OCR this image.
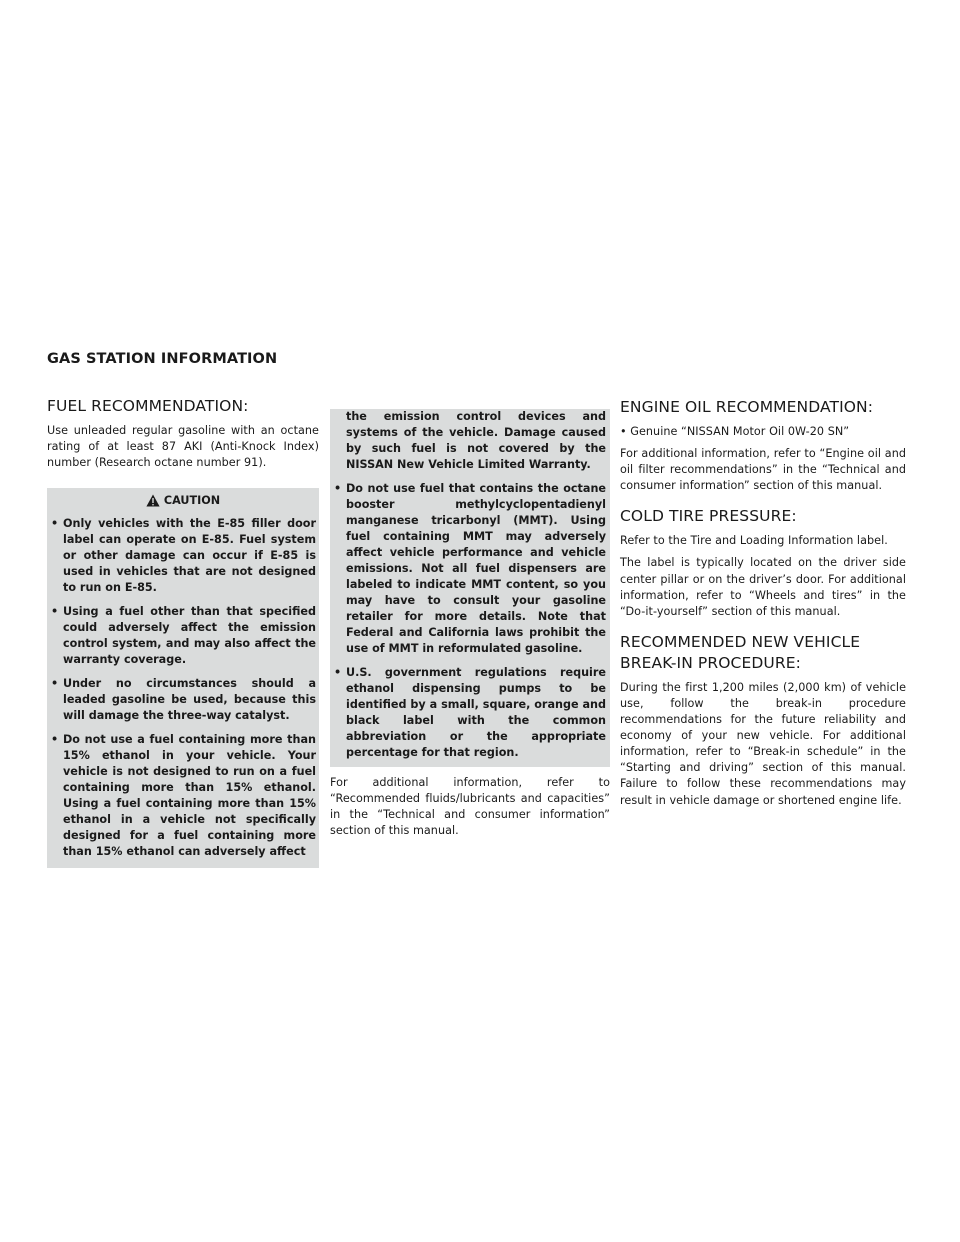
GAS STATION INFORMATION
FUEL RECOMMENDATION:

Use unleaded regular gasoline with an octane rating of at least 87 AKI (Anti-Knock Index) number (Research octane number 91).

CAUTION
• Only vehicles with the E-85 filler door label can operate on E-85. Fuel system or other damage can occur if E-85 is used in vehicles that are not designed to run on E-85.
• Using a fuel other than that specified could adversely affect the emission control system, and may also affect the warranty coverage.
• Under no circumstances should a leaded gasoline be used, because this will damage the three-way catalyst.
• Do not use a fuel containing more than 15% ethanol in your vehicle. Your vehicle is not designed to run on a fuel containing more than 15% ethanol. Using a fuel containing more than 15% ethanol in a vehicle not specifically designed for a fuel containing more than 15% ethanol can adversely affect
the emission control devices and systems of the vehicle. Damage caused by such fuel is not covered by the NISSAN New Vehicle Limited Warranty.
• Do not use fuel that contains the octane booster methylcyclopentadienyl manganese tricarbonyl (MMT). Using fuel containing MMT may adversely affect vehicle performance and vehicle emissions. Not all fuel dispensers are labeled to indicate MMT content, so you may have to consult your gasoline retailer for more details. Note that Federal and California laws prohibit the use of MMT in reformulated gasoline.
• U.S. government regulations require ethanol dispensing pumps to be identified by a small, square, orange and black label with the common abbreviation or the appropriate percentage for that region.

For additional information, refer to “Recommended fluids/lubricants and capacities” in the “Technical and consumer information” section of this manual.

ENGINE OIL RECOMMENDATION:

• Genuine “NISSAN Motor Oil 0W-20 SN”

For additional information, refer to “Engine oil and oil filter recommendations” in the “Technical and consumer information” section of this manual.

COLD TIRE PRESSURE:

Refer to the Tire and Loading Information label.

The label is typically located on the driver side center pillar or on the driver’s door. For additional information, refer to “Wheels and tires” in the “Do-it-yourself” section of this manual.

RECOMMENDED NEW VEHICLE
BREAK-IN PROCEDURE:

During the first 1,200 miles (2,000 km) of vehicle use, follow the break-in procedure recommendations for the future reliability and economy of your new vehicle. For additional information, refer to “Break-in schedule” in the “Starting and driving” section of this manual. Failure to follow these recommendations may result in vehicle damage or shortened engine life.
